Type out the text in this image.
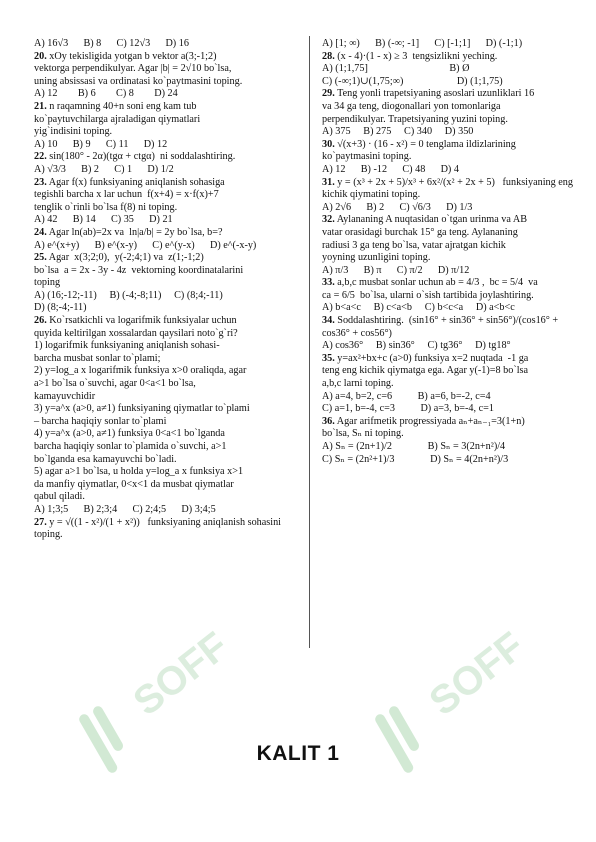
A) 16√3      B) 8      C) 12√3      D) 16

20. xOy tekisligida yotgan b vektor a(3;-1;2)

vektorga perpendikulyar. Agar |b| = 2√10 bo`lsa,

uning absissasi va ordinatasi ko`paytmasini toping.

A) 12        B) 6        C) 8        D) 24

21. n raqamning 40+n soni eng kam tub

ko`paytuvchilarga ajraladigan qiymatlari

yig`indisini toping.

A) 10      B) 9      C) 11      D) 12

22. sin(180° - 2α)(tgα + ctgα)  ni soddalashtiring.

A) √3/3      B) 2      C) 1      D) 1/2

23. Agar f(x) funksiyaning aniqlanish sohasiga

tegishli barcha x lar uchun  f(x+4) = x·f(x)+7

tenglik o`rinli bo`lsa f(8) ni toping.

A) 42      B) 14      C) 35      D) 21

24. Agar ln(ab)=2x va  ln|a/b| = 2y bo`lsa, b=?

A) e^(x+y)      B) e^(x-y)      C) e^(y-x)      D) e^(-x-y)

25. Agar  x(3;2;0),  y(-2;4;1) va  z(1;-1;2)

bo`lsa  a = 2x - 3y - 4z  vektorning koordinatalarini

toping

A) (16;-12;-11)     B) (-4;-8;11)     C) (8;4;-11)

D) (8;-4;-11)

26. Ko`rsatkichli va logarifmik funksiyalar uchun

quyida keltirilgan xossalardan qaysilari noto`g`ri?

1) logarifmik funksiyaning aniqlanish sohasi-

barcha musbat sonlar to`plami;

2) y=log_a x logarifmik funksiya x>0 oraliqda, agar

a>1 bo`lsa o`suvchi, agar 0<a<1 bo`lsa,

kamayuvchidir

3) y=a^x (a>0, a≠1) funksiyaning qiymatlar to`plami

– barcha haqiqiy sonlar to`plami

4) y=a^x (a>0, a≠1) funksiya 0<a<1 bo`lganda

barcha haqiqiy sonlar to`plamida o`suvchi, a>1

bo`lganda esa kamayuvchi bo`ladi.

5) agar a>1 bo`lsa, u holda y=log_a x funksiya x>1

da manfiy qiymatlar, 0<x<1 da musbat qiymatlar

qabul qiladi.

A) 1;3;5      B) 2;3;4      C) 2;4;5      D) 3;4;5

27. y = √((1 - x²)/(1 + x²))   funksiyaning aniqlanish sohasini

toping.

A) [1; ∞)      B) (-∞; -1]      C) [-1;1]      D) (-1;1)

28. (x - 4)·(1 - x) ≥ 3  tengsizlikni yeching.

A) (1;1,75]                                B) Ø

C) (-∞;1)∪(1,75;∞)                     D) (1;1,75)

29. Teng yonli trapetsiyaning asoslari uzunliklari 16

va 34 ga teng, diogonallari yon tomonlariga

perpendikulyar. Trapetsiyaning yuzini toping.

A) 375     B) 275     C) 340     D) 350

30. √(x+3) · (16 - x²) = 0 tenglama ildizlarining

ko`paytmasini toping.

A) 12      B) -12      C) 48      D) 4

31. y = (x³ + 2x + 5)/x³ + 6x²/(x² + 2x + 5)   funksiyaning eng

kichik qiymatini toping.

A) 2√6      B) 2      C) √6/3      D) 1/3

32. Aylananing A nuqtasidan o`tgan urinma va AB

vatar orasidagi burchak 15° ga teng. Aylananing

radiusi 3 ga teng bo`lsa, vatar ajratgan kichik

yoyning uzunligini toping.

A) π/3      B) π      C) π/2      D) π/12

33. a,b,c musbat sonlar uchun ab = 4/3 ,  bc = 5/4  va

ca = 6/5  bo`lsa, ularni o`sish tartibida joylashtiring.

A) b<a<c     B) c<a<b     C) b<c<a     D) a<b<c

34. Soddalashtiring.  (sin16° + sin36° + sin56°)/(cos16° + cos36° + cos56°)

A) cos36°     B) sin36°     C) tg36°     D) tg18°

35. y=ax²+bx+c (a>0) funksiya x=2 nuqtada  -1 ga

teng eng kichik qiymatga ega. Agar y(-1)=8 bo`lsa

a,b,c larni toping.

A) a=4, b=2, c=6          B) a=6, b=-2, c=4

C) a=1, b=-4, c=3          D) a=3, b=-4, c=1

36. Agar arifmetik progressiyada aₙ+aₙ₋₁=3(1+n)

bo`lsa, Sₙ ni toping.

A) Sₙ = (2n+1)/2              B) Sₙ = 3(2n+n²)/4

C) Sₙ = (2n²+1)/3              D) Sₙ = 4(2n+n²)/3

SOFF	SOFF
KALIT 1
